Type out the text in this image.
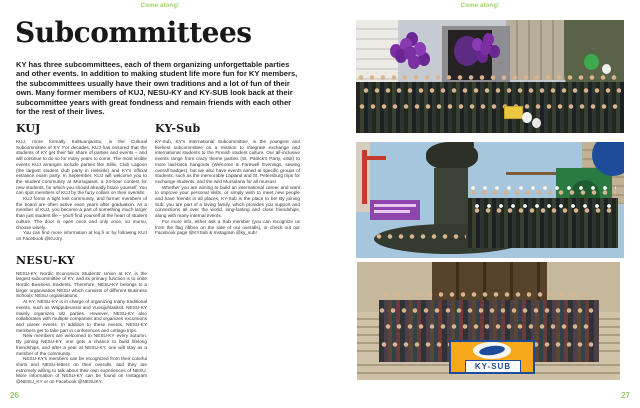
Come along!
Subcommittees

KY has three subcommittees, each of them organizing unforgettable parties and other events. In addition to making student life more fun for KY members, the subcommittees usually have their own traditions and a lot of fun of their own. Many former members of KUJ, NESU-KY and KY-SUB look back at their subcommittee years with great fondness and remain friends with each other for the rest of their lives.

KUJ

KUJ, more formally Kulttuurijaosto, is the Cultural Subcommittee of KY. For decades, KUJ has ensured that the students of KY get their fair share of parties and events – and will continue to do so for many years to come. The most visible events KUJ arranges include parties like Sillis, Club Lagoon (the largest student club party in Helsinki) and KY's official entrance exam party. In September, KUJ will welcome you to the student community at Mursujaiset, a 24-hour contest for new students, for which you should already brace yourself. You can spot members of KUJ by the furry collars on their overalls.

KUJ forms a tight knit community, and former members of the board are often active even years after graduation. As a member of KUJ, you become a part of something much larger than just student life – you'll find yourself at the heart of student culture. The door is open once and only once, so mursu, choose wisely.

You can find more information at kuj.fi or by following KUJ on Facebook @KUJry.

NESU-KY

NESU-KY, Nordic Economics Students' Union at KY, is the largest subcommittee of KY, and its primary function is to unite Nordic Business Students. Therefore, NESU-KY belongs to a larger organisation NESU which consists of different Business Schools' NESU organisations.

At KY, NESU-KY is in charge of organizing many traditional events, such as Wappubrunssi and Vuosijuhlasitsit. NESU-KY mainly organizes sitz parties. However, NESU-KY also collaborates with multiple companies and organizes excursions and career events. In addition to these events, NESU-KY members get to take part in conferences and cottage trips.

New members are welcomed to NESU-KY every autumn. By joining NESU-KY, one gets a chance to build lifelong friendships, and after a year at NESU-KY, one will stay as a member of the community.

NESU-KY's members can be recognized from their colorful shirts and NESU-letters on their overalls, and they are extremely willing to talk about their own experiences of NESU. More information of NESU-KY can be found on Instagram @NESU_KY or on Facebook @NESUKY.

KY-Sub

KY-Sub, KY's International Subcommittee, is the youngest and liveliest subcommittee on a mission to integrate exchange and international students to the Finnish student culture. Our all-inclusive events range from crazy theme parties (St. Patrick's Party, sitsit) to more laid-back hangouts (Welcome & Farewell Evenings, sewing overall badges), but we also have events aimed at specific groups of students, such as the memorable Lapland and St. Petersburg trips for exchange students, and the wild Mursulana for all mursus!

Whether you are aiming to build an international career and want to improve your personal skills, or simply wish to meet new people and have friends in all places, KY-Sub is the place to be! By joining Sub, you are part of a loving family, which provides you support and connections all over the world, long-lasting and close friendships, along with many internal events.

For more info, either ask a Sub member (you can recognize us from the flag ribbon on the side of our overalls), or check out our Facebook page @KYSub & Instagram @ky_sub!

26
Come along!
KY-SUB
27
